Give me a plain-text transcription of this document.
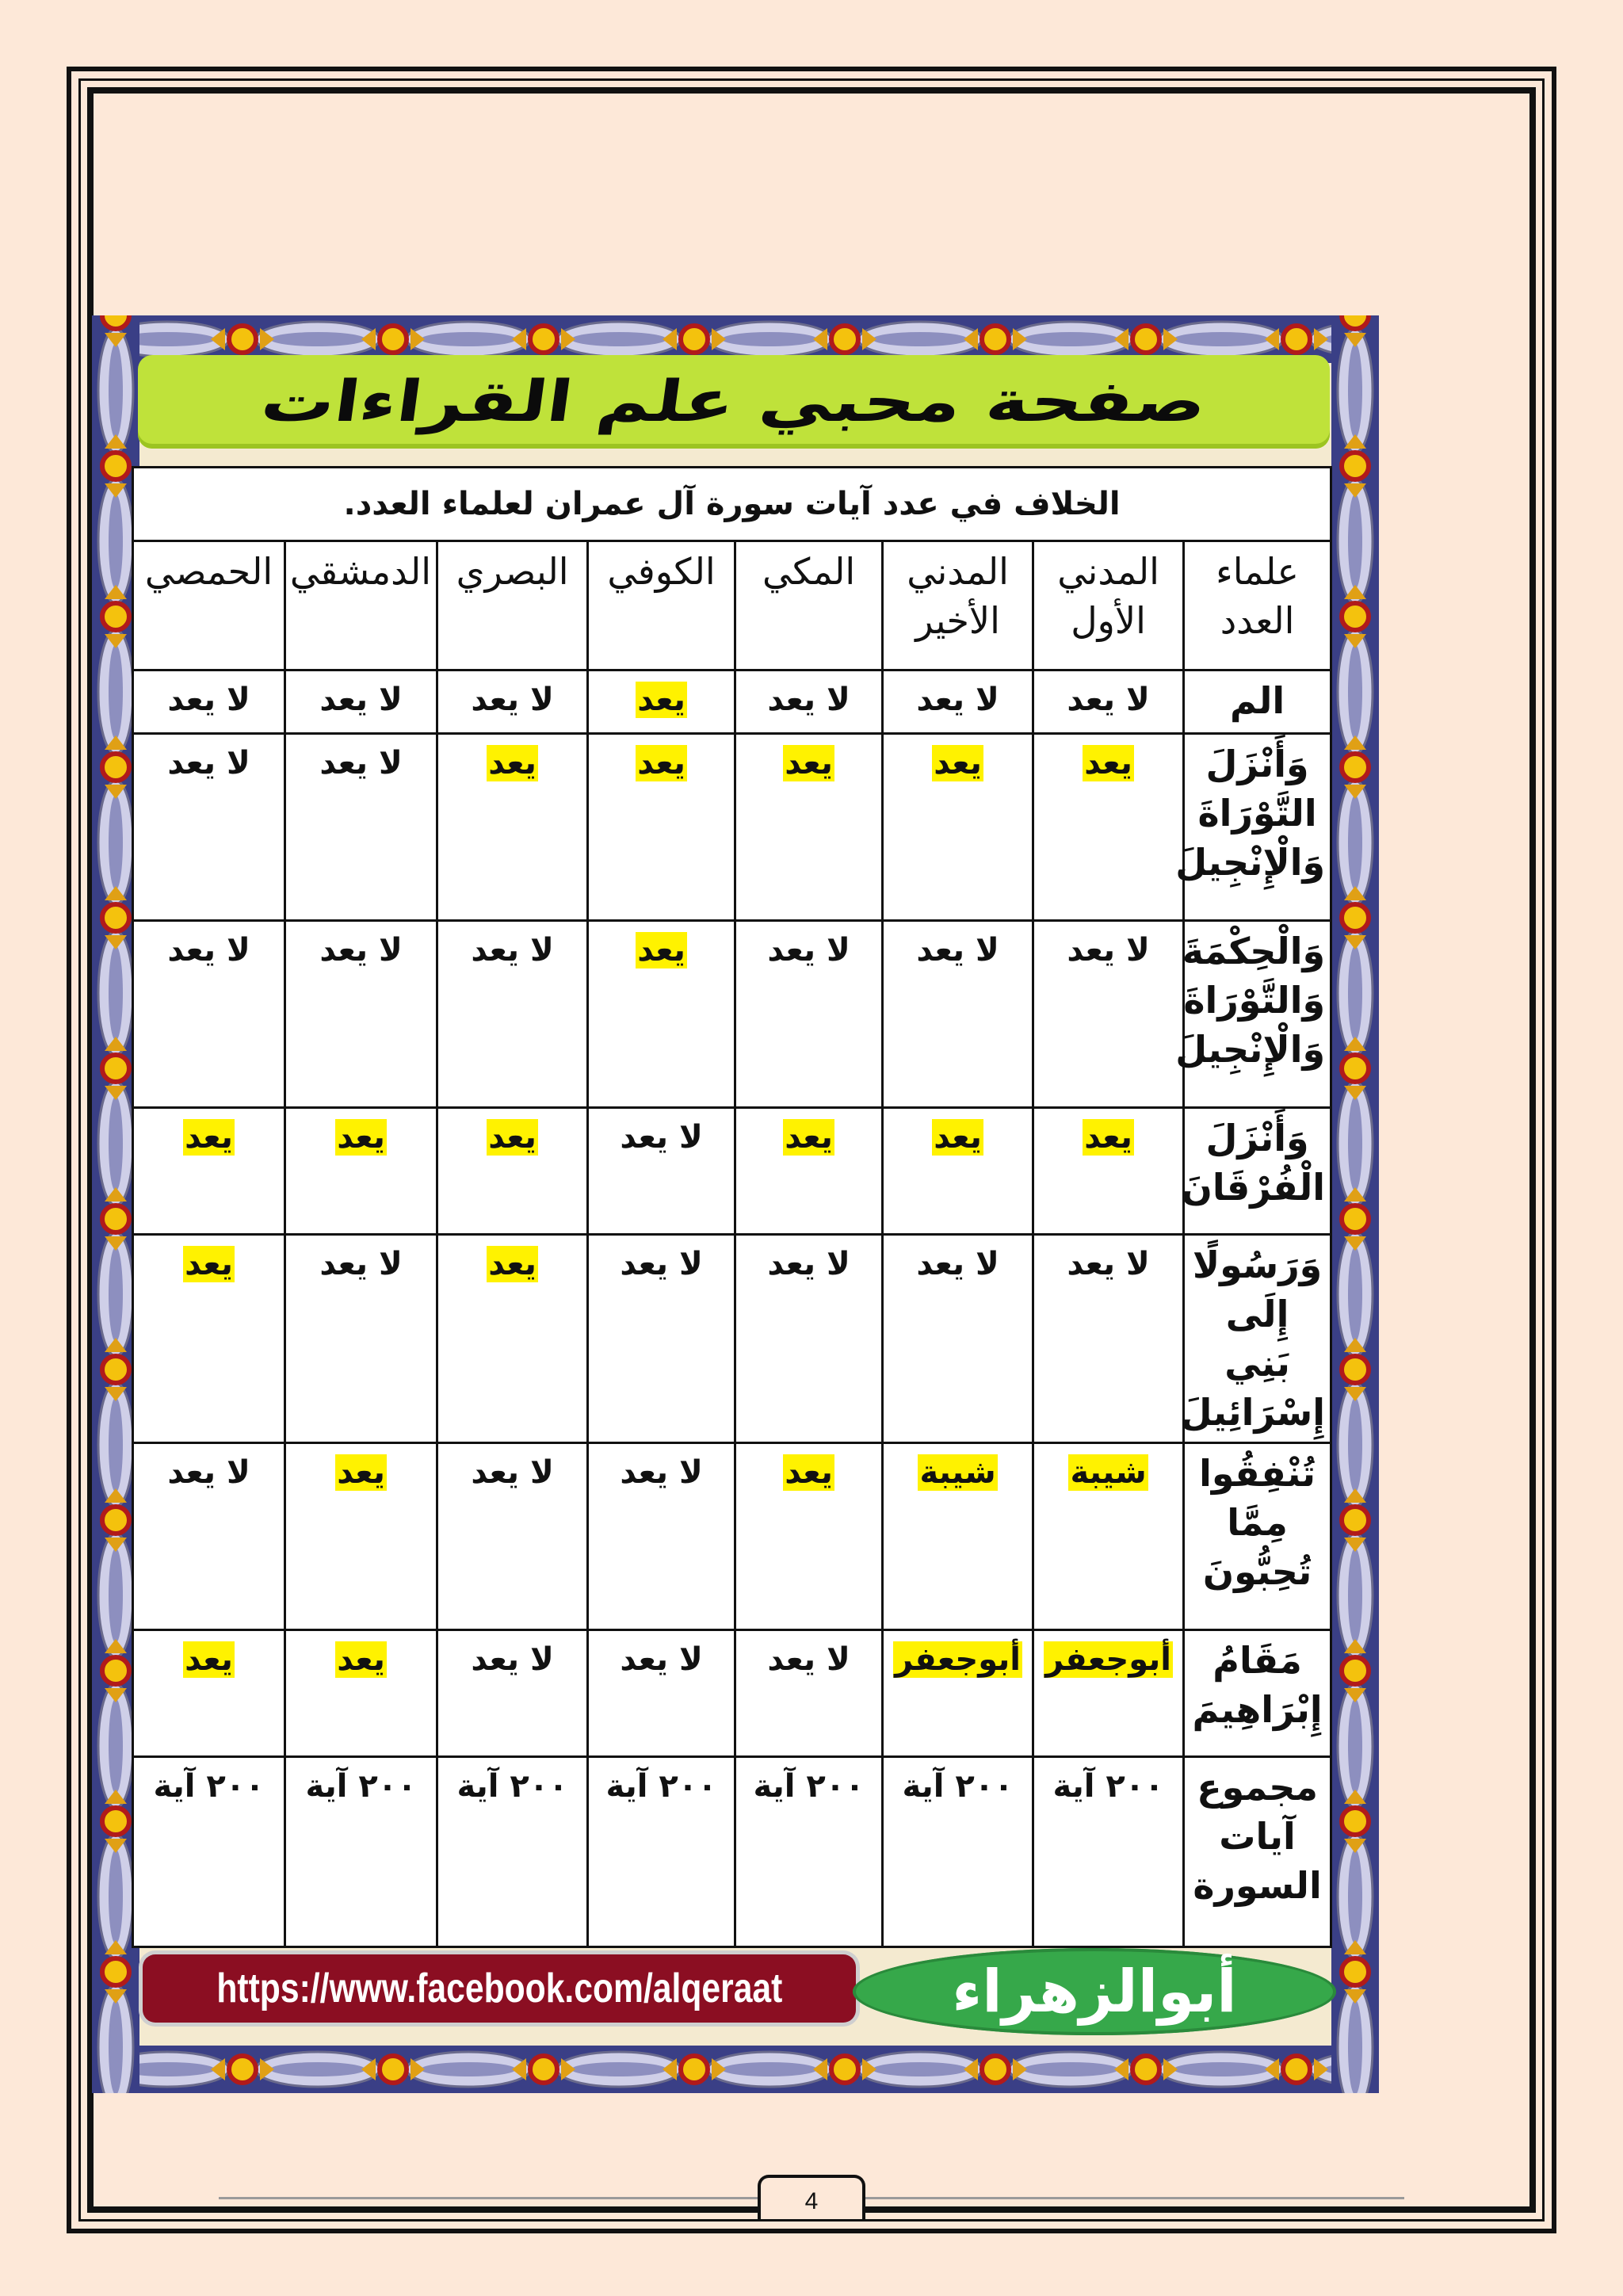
صفحة محبي علم القراءات
الخلاف في عدد آيات سورة آل عمران لعلماء العدد.							
علماء العدد	المدني الأول	المدني الأخير	المكي	الكوفي	البصري	الدمشقي	الحمصي
الم	لا يعد	لا يعد	لا يعد	يعد	لا يعد	لا يعد	لا يعد
وَأَنْزَلَ التَّوْرَاةَ وَالْإِنْجِيلَ	يعد	يعد	يعد	يعد	يعد	لا يعد	لا يعد
وَالْحِكْمَةَ وَالتَّوْرَاةَ وَالْإِنْجِيلَ	لا يعد	لا يعد	لا يعد	يعد	لا يعد	لا يعد	لا يعد
وَأَنْزَلَ الْفُرْقَانَ	يعد	يعد	يعد	لا يعد	يعد	يعد	يعد
وَرَسُولًا إِلَى بَنِي إِسْرَائِيلَ	لا يعد	لا يعد	لا يعد	لا يعد	يعد	لا يعد	يعد
تُنْفِقُوا مِمَّا تُحِبُّونَ	شيبة	شيبة	يعد	لا يعد	لا يعد	يعد	لا يعد
مَقَامُ إِبْرَاهِيمَ	أبوجعفر	أبوجعفر	لا يعد	لا يعد	لا يعد	يعد	يعد
مجموع آيات السورة	٢٠٠ آية	٢٠٠ آية	٢٠٠ آية	٢٠٠ آية	٢٠٠ آية	٢٠٠ آية	٢٠٠ آية
https://www.facebook.com/alqeraat	أبوالزهراء
4
